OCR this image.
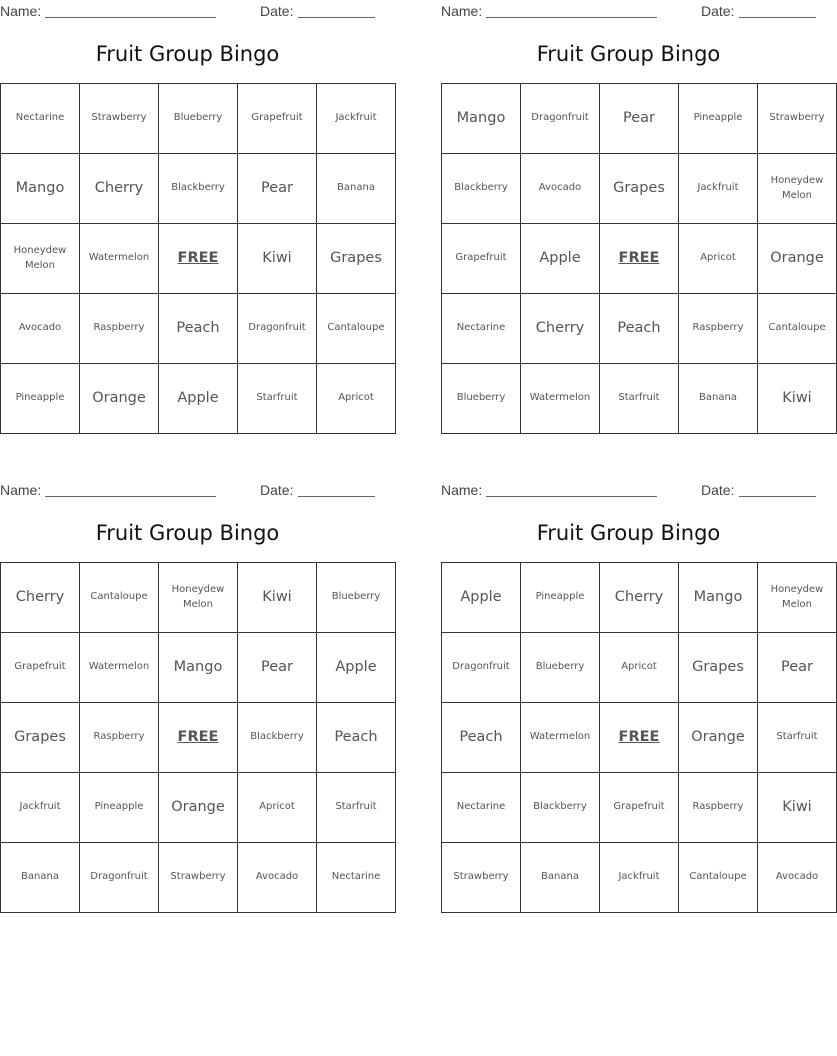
Name:	Date:
Fruit Group Bingo
Nectarine	Strawberry	Blueberry	Grapefruit	Jackfruit
Mango	Cherry	Blackberry	Pear	Banana
Honeydew Melon	Watermelon	FREE	Kiwi	Grapes
Avocado	Raspberry	Peach	Dragonfruit	Cantaloupe
Pineapple	Orange	Apple	Starfruit	Apricot
Name:	Date:
Fruit Group Bingo
Mango	Dragonfruit	Pear	Pineapple	Strawberry
Blackberry	Avocado	Grapes	Jackfruit	Honeydew Melon
Grapefruit	Apple	FREE	Apricot	Orange
Nectarine	Cherry	Peach	Raspberry	Cantaloupe
Blueberry	Watermelon	Starfruit	Banana	Kiwi
Name:	Date:
Fruit Group Bingo
Cherry	Cantaloupe	Honeydew Melon	Kiwi	Blueberry
Grapefruit	Watermelon	Mango	Pear	Apple
Grapes	Raspberry	FREE	Blackberry	Peach
Jackfruit	Pineapple	Orange	Apricot	Starfruit
Banana	Dragonfruit	Strawberry	Avocado	Nectarine
Name:	Date:
Fruit Group Bingo
Apple	Pineapple	Cherry	Mango	Honeydew Melon
Dragonfruit	Blueberry	Apricot	Grapes	Pear
Peach	Watermelon	FREE	Orange	Starfruit
Nectarine	Blackberry	Grapefruit	Raspberry	Kiwi
Strawberry	Banana	Jackfruit	Cantaloupe	Avocado
